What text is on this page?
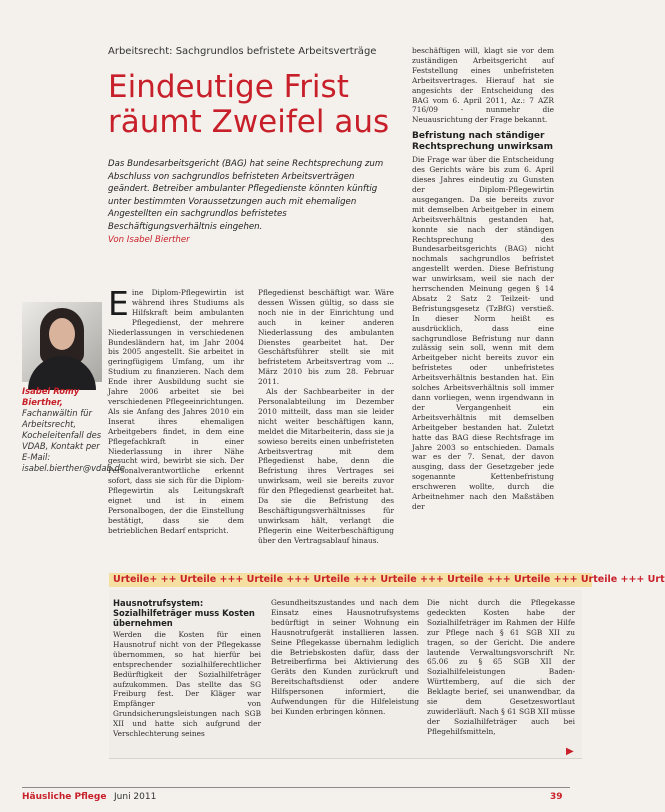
Arbeitsrecht: Sachgrundlos befristete Arbeitsverträge
Eindeutige Frist räumt Zweifel aus

Das Bundesarbeitsgericht (BAG) hat seine Rechtsprechung zum Abschluss von sachgrundlos befristeten Arbeitsverträgen geändert. Betreiber ambulanter Pflegedienste könnten künftig unter bestimmten Voraussetzungen auch mit ehemaligen Angestellten ein sachgrundlos befristetes Beschäftigungsverhältnis eingehen.
Von Isabel Bierther

Isabel Romy Bierther,
Fachanwältin für Arbeitsrecht, Kocheleitenfall des VDAB, Kontakt per E-Mail: isabel.bierther@vdab.de

E ine Diplom-Pflegewirtin ist während ihres Studiums als Hilfskraft beim ambulanten Pflegedienst, der mehrere Niederlassungen in verschiedenen Bundesländern hat, im Jahr 2004 bis 2005 angestellt. Sie arbeitet in geringfügigem Umfang, um ihr Studium zu finanzieren. Nach dem Ende ihrer Ausbildung sucht sie Jahre 2006 arbeitet sie bei verschiedenen Pflegeeinrichtungen. Als sie Anfang des Jahres 2010 ein Inserat ihres ehemaligen Arbeitgebers findet, in dem eine Pflegefachkraft in einer Niederlassung in ihrer Nähe gesucht wird, bewirbt sie sich. Der Personalverantwortliche erkennt sofort, dass sie sich für die Diplom-Pflegewirtin als Leitungskraft eignet und ist in einem Personalbogen, der die Einstellung bestätigt, dass sie dem betrieblichen Bedarf entspricht.

Pflegedienst beschäftigt war. Wäre dessen Wissen gültig, so dass sie noch nie in der Einrichtung und auch in keiner anderen Niederlassung des ambulanten Dienstes gearbeitet hat. Der Geschäftsführer stellt sie mit befristetem Arbeitsvertrag vom ... März 2010 bis zum 28. Februar 2011.

Als der Sachbearbeiter in der Personalabteilung im Dezember 2010 mitteilt, dass man sie leider nicht weiter beschäftigen kann, meldet die Mitarbeiterin, dass sie ja sowieso bereits einen unbefristeten Arbeitsvertrag mit dem Pflegedienst habe, denn die Befristung ihres Vertrages sei unwirksam, weil sie bereits zuvor für den Pflegedienst gearbeitet hat. Da sie die Befristung des Beschäftigungsverhältnisses für unwirksam hält, verlangt die Pflegerin eine Weiterbeschäftigung über den Vertragsablauf hinaus.

beschäftigen will, klagt sie vor dem zuständigen Arbeitsgericht auf Feststellung eines unbefristeten Arbeitsvertrages. Hierauf hat sie angesichts der Entscheidung des BAG vom 6. April 2011, Az.: 7 AZR 716/09 - nunmehr die Neuausrichtung der Frage bekannt.

Befristung nach ständiger Rechtsprechung unwirksam

Die Frage war über die Entscheidung des Gerichts wäre bis zum 6. April dieses Jahres eindeutig zu Gunsten der Diplom-Pflegewirtin ausgegangen. Da sie bereits zuvor mit demselben Arbeitgeber in einem Arbeitsverhältnis gestanden hat, konnte sie nach der ständigen Rechtsprechung des Bundesarbeitsgerichts (BAG) nicht nochmals sachgrundlos befristet angestellt werden. Diese Befristung war unwirksam, weil sie nach der herrschenden Meinung gegen § 14 Absatz 2 Satz 2 Teilzeit- und Befristungsgesetz (TzBfG) verstieß. In dieser Norm heißt es ausdrücklich, dass eine sachgrundlose Befristung nur dann zulässig sein soll, wenn mit dem Arbeitgeber nicht bereits zuvor ein befristetes oder unbefristetes Arbeitsverhältnis bestanden hat. Ein solches Arbeitsverhältnis soll immer dann vorliegen, wenn irgendwann in der Vergangenheit ein Arbeitsverhältnis mit demselben Arbeitgeber bestanden hat. Zuletzt hatte das BAG diese Rechtsfrage im Jahre 2003 so entschieden. Damals war es der 7. Senat, der davon ausging, dass der Gesetzgeber jede sogenannte Kettenbefristung erschweren wollte, durch die Arbeitnehmer nach den Maßstäben der

Urteile+ ++ Urteile +++ Urteile +++ Urteile +++ Urteile +++ Urteile +++ Urteile +++ Urteile +++ Urt
Hausnotrufsystem: Sozialhilfeträger muss Kosten übernehmen

Werden die Kosten für einen Hausnotruf nicht von der Pflegekasse übernommen, so hat hierfür bei entsprechender sozialhilferechtlicher Bedürftigkeit der Sozialhilfeträger aufzukommen. Das stellte das SG Freiburg fest. Der Kläger war Empfänger von Grundsicherungsleistungen nach SGB XII und hatte sich aufgrund der Verschlechterung seines

Gesundheitszustandes und nach dem Einsatz eines Hausnotrufsystems bedürftigt in seiner Wohnung ein Hausnotrufgerät installieren lassen. Seine Pflegekasse übernahm lediglich die Betriebskosten dafür, dass der Betreiberfirma bei Aktivierung des Geräts den Kunden zurückruft und Bereitschaftsdienst oder andere Hilfspersonen informiert, die Aufwendungen für die Hilfeleistung bei Kunden erbringen können.

Die nicht durch die Pflegekasse gedeckten Kosten habe der Sozialhilfeträger im Rahmen der Hilfe zur Pflege nach § 61 SGB XII zu tragen, so der Gericht. Die andere lautende Verwaltungsvorschrift Nr. 65.06 zu § 65 SGB XII der Sozialhilfeleistungen Baden-Württemberg, auf die sich der Beklagte berief, sei unanwendbar, da sie dem Gesetzeswortlaut zuwiderläuft. Nach § 61 SGB XII müsse der Sozialhilfeträger auch bei Pflegehilfsmitteln,

▶
Häusliche Pflege Juni 2011	39
